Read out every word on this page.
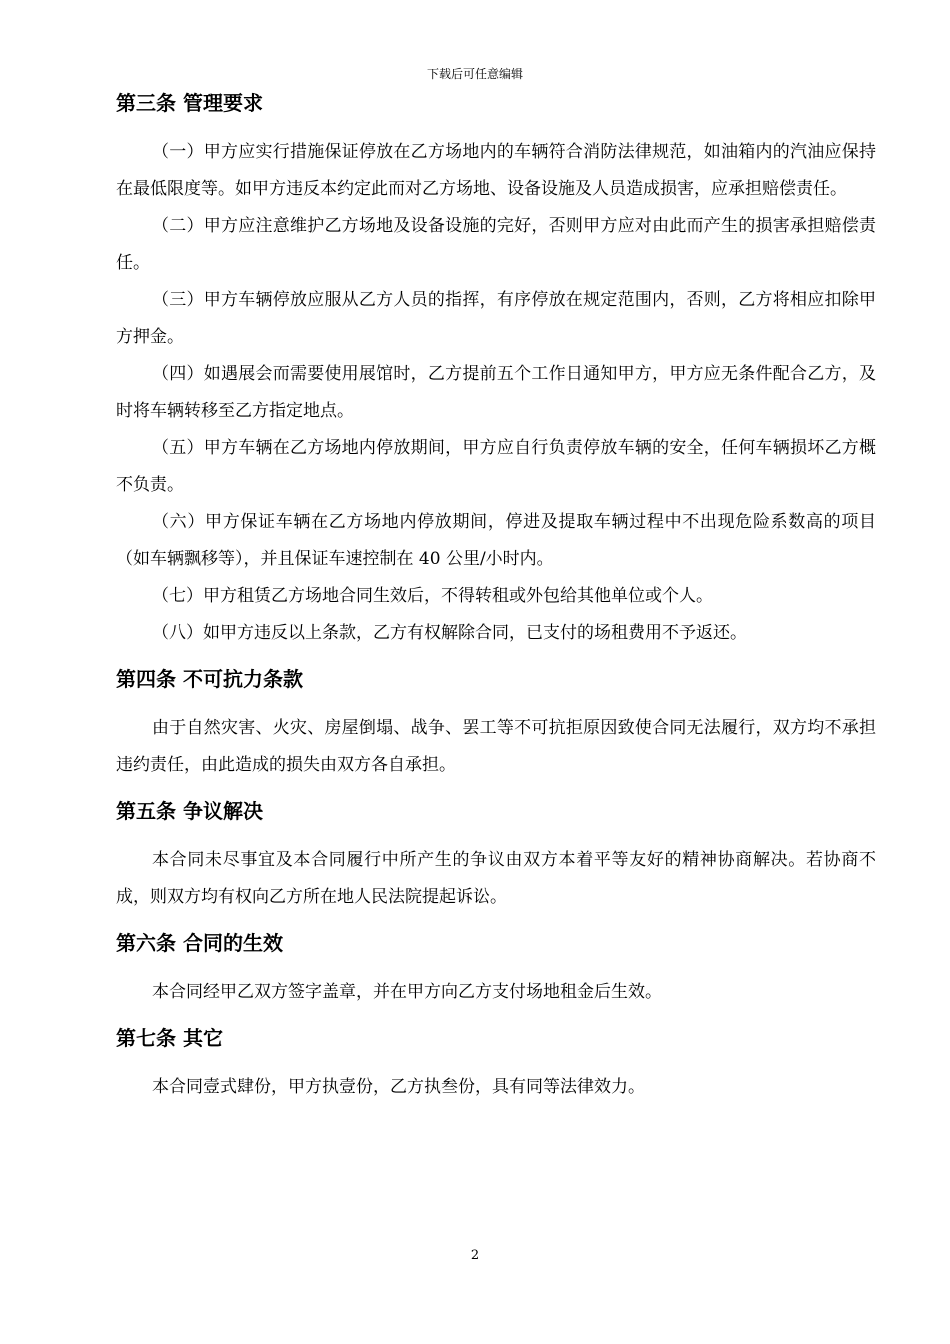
下载后可任意编辑
第三条 管理要求

（一）甲方应实行措施保证停放在乙方场地内的车辆符合消防法律规范，如油箱内的汽油应保持在最低限度等。如甲方违反本约定此而对乙方场地、设备设施及人员造成损害，应承担赔偿责任。

（二）甲方应注意维护乙方场地及设备设施的完好，否则甲方应对由此而产生的损害承担赔偿责任。

（三）甲方车辆停放应服从乙方人员的指挥，有序停放在规定范围内，否则，乙方将相应扣除甲方押金。

（四）如遇展会而需要使用展馆时，乙方提前五个工作日通知甲方，甲方应无条件配合乙方，及时将车辆转移至乙方指定地点。

（五）甲方车辆在乙方场地内停放期间，甲方应自行负责停放车辆的安全，任何车辆损坏乙方概不负责。

（六）甲方保证车辆在乙方场地内停放期间，停进及提取车辆过程中不出现危险系数高的项目（如车辆飘移等），并且保证车速控制在 40 公里/小时内。

（七）甲方租赁乙方场地合同生效后，不得转租或外包给其他单位或个人。

（八）如甲方违反以上条款，乙方有权解除合同，已支付的场租费用不予返还。

第四条 不可抗力条款

由于自然灾害、火灾、房屋倒塌、战争、罢工等不可抗拒原因致使合同无法履行，双方均不承担违约责任，由此造成的损失由双方各自承担。

第五条 争议解决

本合同未尽事宜及本合同履行中所产生的争议由双方本着平等友好的精神协商解决。若协商不成，则双方均有权向乙方所在地人民法院提起诉讼。

第六条 合同的生效

本合同经甲乙双方签字盖章，并在甲方向乙方支付场地租金后生效。

第七条 其它

本合同壹式肆份，甲方执壹份，乙方执叁份，具有同等法律效力。

2
